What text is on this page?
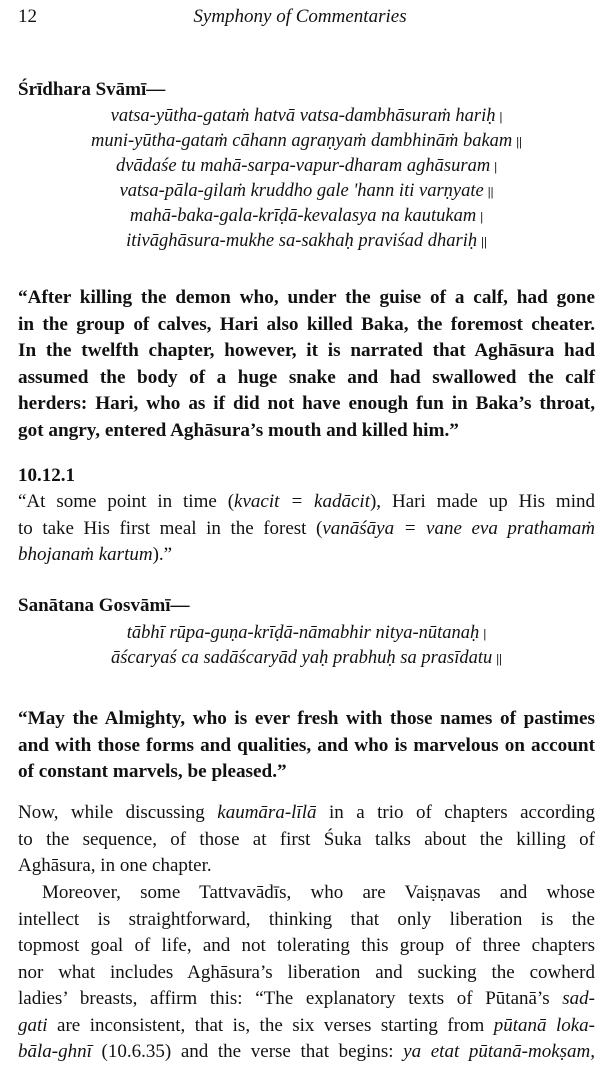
12	Symphony of Commentaries
Śrīdhara Svāmī—
vatsa-yūtha-gataṁ hatvā vatsa-dambhāsuraṁ hariḥ |
muni-yūtha-gataṁ cāhann agraṇyaṁ dambhināṁ bakam ||
dvādaśe tu mahā-sarpa-vapur-dharam aghāsuram |
vatsa-pāla-gilaṁ kruddho gale 'hann iti varṇyate ||
mahā-baka-gala-krīḍā-kevalasya na kautukam |
itivāghāsura-mukhe sa-sakhaḥ praviśad dhariḥ ||
“After killing the demon who, under the guise of a calf, had gone
in the group of calves, Hari also killed Baka, the foremost cheater.
In the twelfth chapter, however, it is narrated that Aghāsura had
assumed the body of a huge snake and had swallowed the calf
herders: Hari, who as if did not have enough fun in Baka’s throat,
got angry, entered Aghāsura’s mouth and killed him.”
10.12.1
“At some point in time (kvacit = kadācit), Hari made up His mind
to take His first meal in the forest (vanāśāya = vane eva prathamaṁ
bhojanaṁ kartum).”
Sanātana Gosvāmī—
tābhī rūpa-guṇa-krīḍā-nāmabhir nitya-nūtanaḥ |
āścaryaś ca sadāścaryād yaḥ prabhuḥ sa prasīdatu ||
“May the Almighty, who is ever fresh with those names of pastimes
and with those forms and qualities, and who is marvelous on account
of constant marvels, be pleased.”
Now, while discussing kaumāra-līlā in a trio of chapters according
to the sequence, of those at first Śuka talks about the killing of
Aghāsura, in one chapter.
Moreover, some Tattvavādīs, who are Vaiṣṇavas and whose
intellect is straightforward, thinking that only liberation is the
topmost goal of life, and not tolerating this group of three chapters
nor what includes Aghāsura’s liberation and sucking the cowherd
ladies’ breasts, affirm this: “The explanatory texts of Pūtanā’s sad-
gati are inconsistent, that is, the six verses starting from pūtanā loka-
bāla-ghnī (10.6.35) and the verse that begins: ya etat pūtanā-mokṣam,
